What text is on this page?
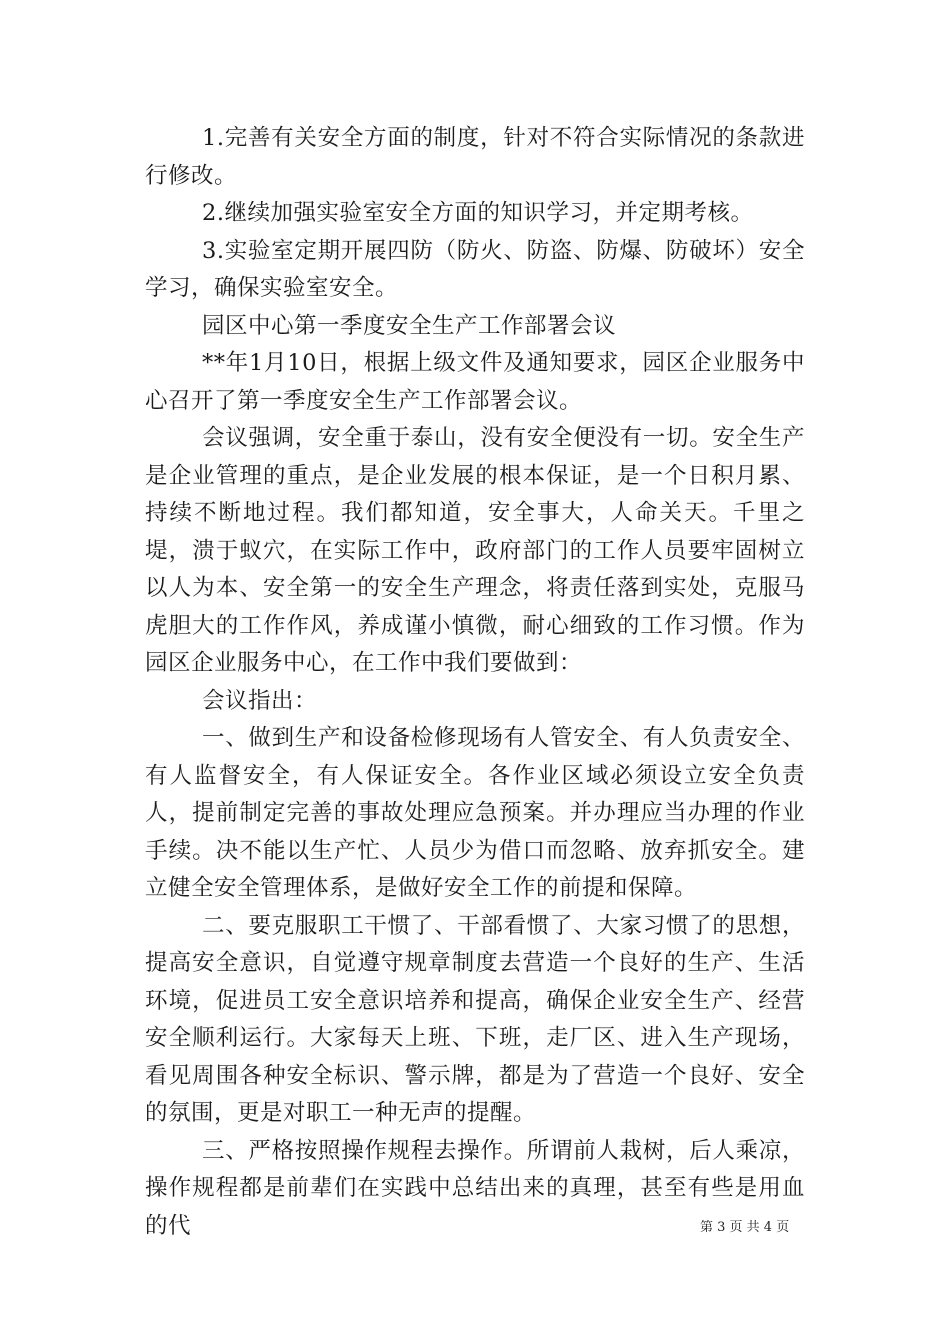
1.完善有关安全方面的制度，针对不符合实际情况的条款进行修改。

2.继续加强实验室安全方面的知识学习，并定期考核。

3.实验室定期开展四防（防火、防盗、防爆、防破坏）安全学习，确保实验室安全。

园区中心第一季度安全生产工作部署会议

**年1月10日，根据上级文件及通知要求，园区企业服务中心召开了第一季度安全生产工作部署会议。

会议强调，安全重于泰山，没有安全便没有一切。安全生产是企业管理的重点，是企业发展的根本保证，是一个日积月累、持续不断地过程。我们都知道，安全事大，人命关天。千里之堤，溃于蚁穴，在实际工作中，政府部门的工作人员要牢固树立以人为本、安全第一的安全生产理念，将责任落到实处，克服马虎胆大的工作作风，养成谨小慎微，耐心细致的工作习惯。作为园区企业服务中心，在工作中我们要做到：

会议指出：

一、做到生产和设备检修现场有人管安全、有人负责安全、有人监督安全，有人保证安全。各作业区域必须设立安全负责人，提前制定完善的事故处理应急预案。并办理应当办理的作业手续。决不能以生产忙、人员少为借口而忽略、放弃抓安全。建立健全安全管理体系，是做好安全工作的前提和保障。

二、要克服职工干惯了、干部看惯了、大家习惯了的思想，提高安全意识，自觉遵守规章制度去营造一个良好的生产、生活环境，促进员工安全意识培养和提高，确保企业安全生产、经营安全顺利运行。大家每天上班、下班，走厂区、进入生产现场，看见周围各种安全标识、警示牌，都是为了营造一个良好、安全的氛围，更是对职工一种无声的提醒。

三、严格按照操作规程去操作。所谓前人栽树，后人乘凉，操作规程都是前辈们在实践中总结出来的真理，甚至有些是用血的代	第 3 页 共 4 页
